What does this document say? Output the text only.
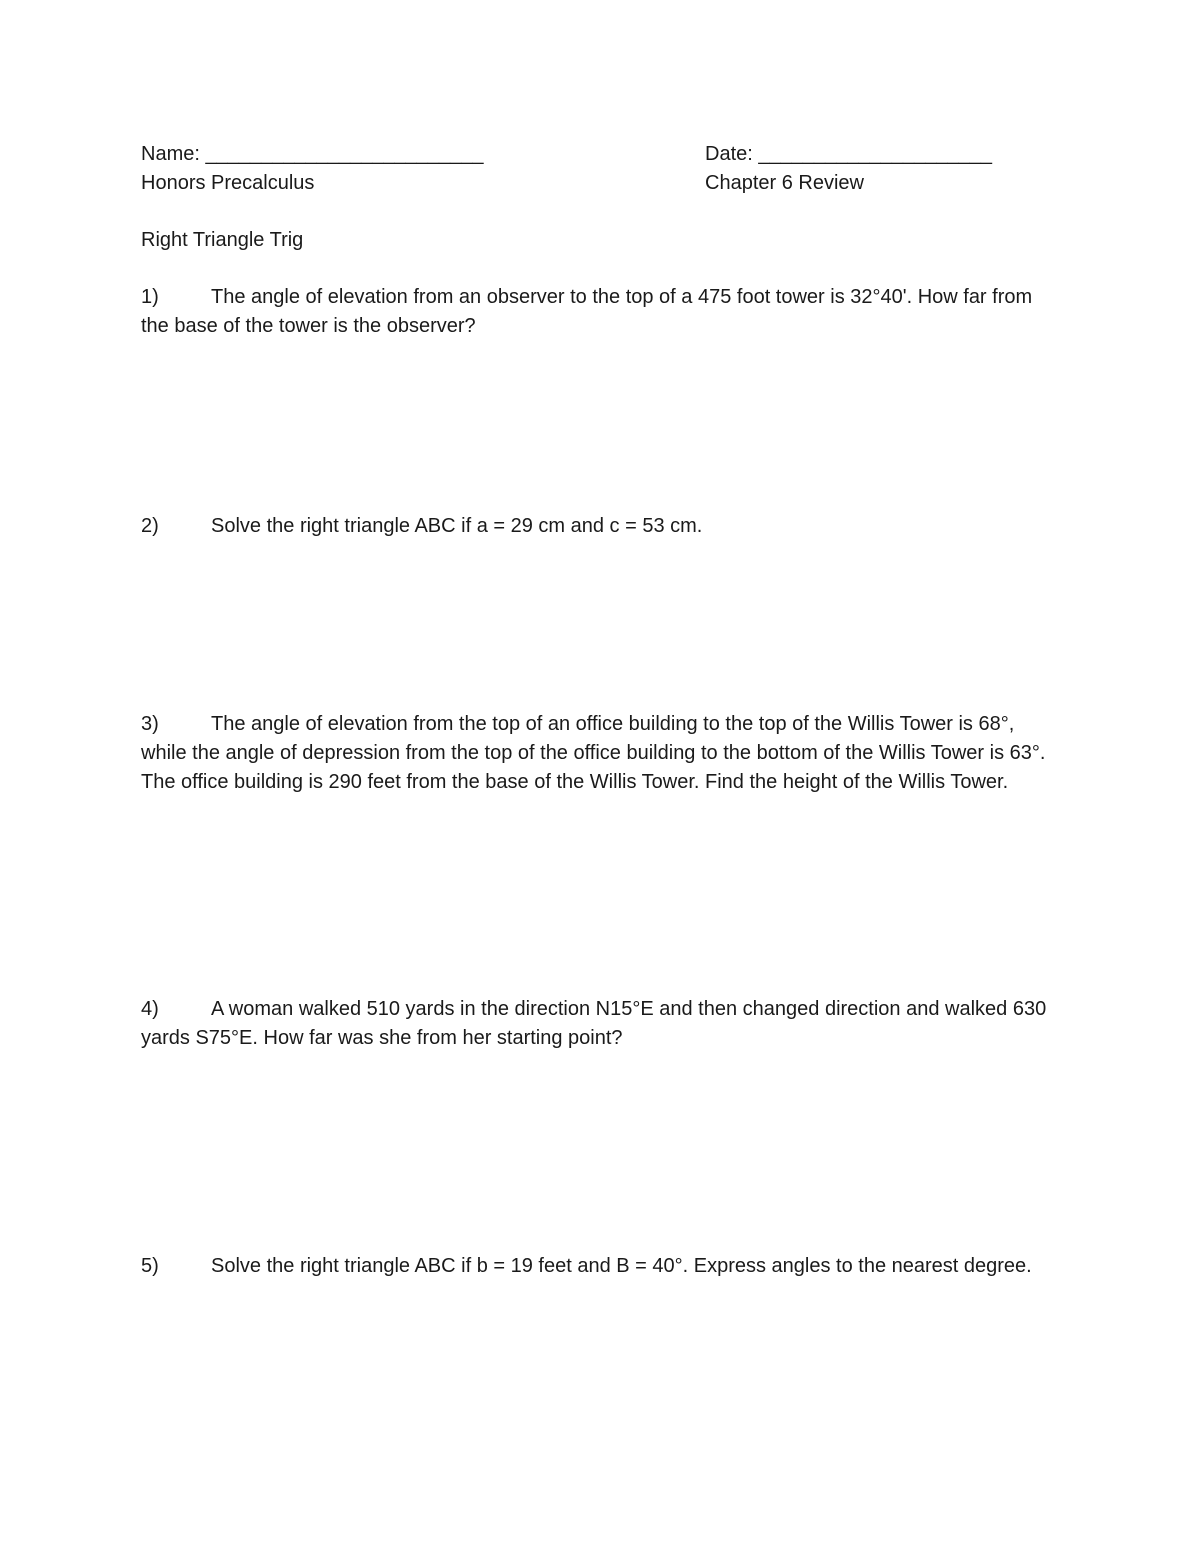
Name: _________________________	Date: _____________________
Honors Precalculus	Chapter 6 Review
Right Triangle Trig
1)	The angle of elevation from an observer to the top of a 475 foot tower is 32°40'. How far from the base of the tower is the observer?
2)	Solve the right triangle ABC if a = 29 cm and c = 53 cm.
3)	The angle of elevation from the top of an office building to the top of the Willis Tower is 68°, while the angle of depression from the top of the office building to the bottom of the Willis Tower is 63°. The office building is 290 feet from the base of the Willis Tower. Find the height of the Willis Tower.
4)	A woman walked 510 yards in the direction N15°E and then changed direction and walked 630 yards S75°E. How far was she from her starting point?
5)	Solve the right triangle ABC if b = 19 feet and B = 40°. Express angles to the nearest degree.
